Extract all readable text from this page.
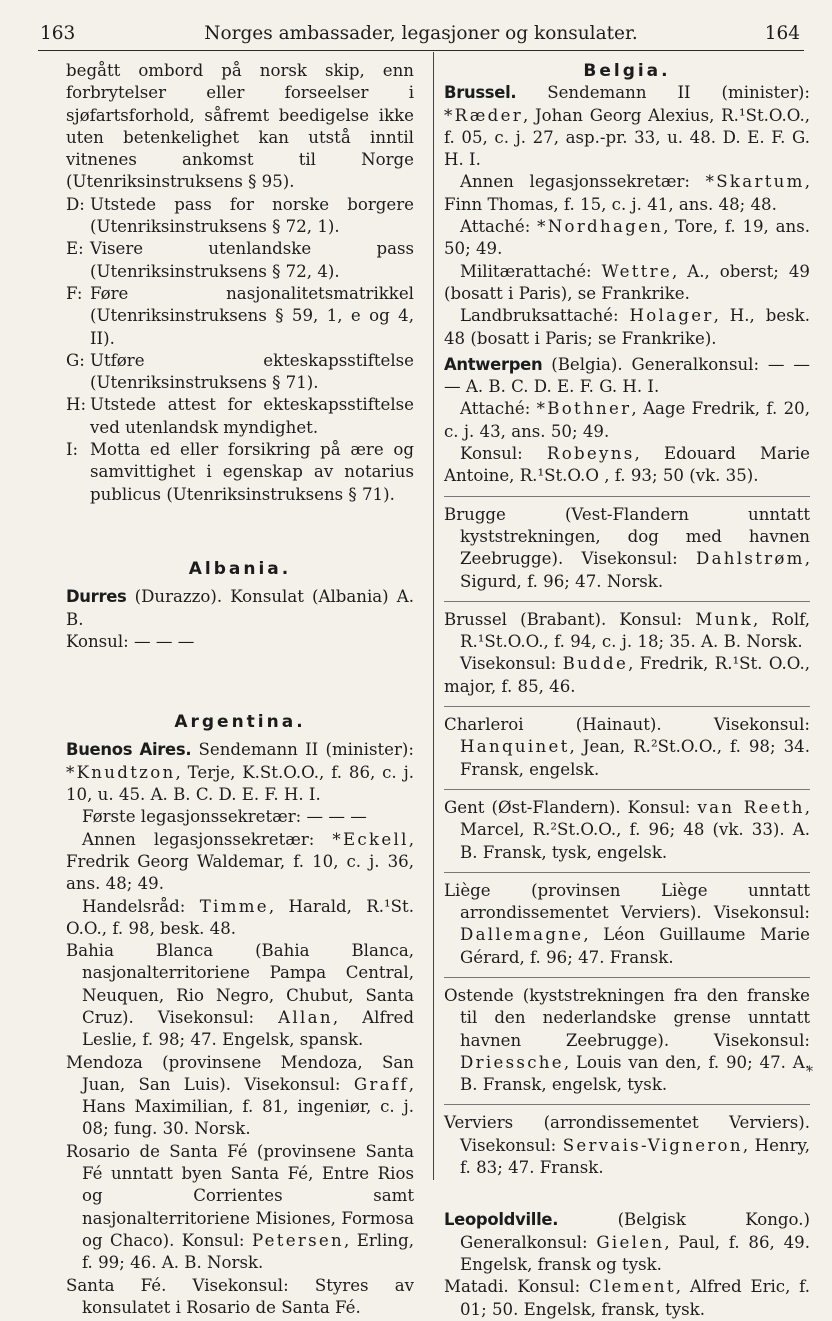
163	Norges ambassader, legasjoner og konsulater.	164

begått ombord på norsk skip, enn forbrytelser eller forseelser i sjøfartsforhold, såfremt beedigelse ikke uten betenkelighet kan utstå inntil vitnenes ankomst til Norge (Utenriksinstruksens § 95).

D: Utstede pass for norske borgere (Utenriksinstruksens § 72, 1).

E: Visere utenlandske pass (Utenriksinstruksens § 72, 4).

F: Føre nasjonalitetsmatrikkel (Utenriksinstruksens § 59, 1, e og 4, II).

G: Utføre ekteskapsstiftelse (Utenriksinstruksens § 71).

H: Utstede attest for ekteskapsstiftelse ved utenlandsk myndighet.

I: Motta ed eller forsikring på ære og samvittighet i egenskap av notarius publicus (Utenriksinstruksens § 71).

Albania.

Durres (Durazzo). Konsulat (Albania) A. B.
Konsul: — — —

Argentina.

Buenos Aires. Sendemann II (minister): *Knudtzon, Terje, K.St.O.O., f. 86, c. j. 10, u. 45. A. B. C. D. E. F. H. I.

Første legasjonssekretær: — — —

Annen legasjonssekretær: *Eckell, Fredrik Georg Waldemar, f. 10, c. j. 36, ans. 48; 49.

Handelsråd: Timme, Harald, R.¹St. O.O., f. 98, besk. 48.

Bahia Blanca (Bahia Blanca, nasjonalterritoriene Pampa Central, Neuquen, Rio Negro, Chubut, Santa Cruz). Visekonsul: Allan, Alfred Leslie, f. 98; 47. Engelsk, spansk.

Mendoza (provinsene Mendoza, San Juan, San Luis). Visekonsul: Graff, Hans Maximilian, f. 81, ingeniør, c. j. 08; fung. 30. Norsk.

Rosario de Santa Fé (provinsene Santa Fé unntatt byen Santa Fé, Entre Rios og Corrientes samt nasjonalterritoriene Misiones, Formosa og Chaco). Konsul: Petersen, Erling, f. 99; 46. A. B. Norsk.

Santa Fé. Visekonsul: Styres av konsulatet i Rosario de Santa Fé.

Belgia.

Brussel. Sendemann II (minister): *Ræder, Johan Georg Alexius, R.¹St.O.O., f. 05, c. j. 27, asp.-pr. 33, u. 48. D. E. F. G. H. I.

Annen legasjonssekretær: *Skartum, Finn Thomas, f. 15, c. j. 41, ans. 48; 48.

Attaché: *Nordhagen, Tore, f. 19, ans. 50; 49.

Militærattaché: Wettre, A., oberst; 49 (bosatt i Paris), se Frankrike.

Landbruksattaché: Holager, H., besk. 48 (bosatt i Paris; se Frankrike).

Antwerpen (Belgia). Generalkonsul: — — — A. B. C. D. E. F. G. H. I.

Attaché: *Bothner, Aage Fredrik, f. 20, c. j. 43, ans. 50; 49.

Konsul: Robeyns, Edouard Marie Antoine, R.¹St.O.O , f. 93; 50 (vk. 35).

Brugge (Vest-Flandern unntatt kyststrekningen, dog med havnen Zeebrugge). Visekonsul: Dahlstrøm, Sigurd, f. 96; 47. Norsk.

Brussel (Brabant). Konsul: Munk, Rolf, R.¹St.O.O., f. 94, c. j. 18; 35. A. B. Norsk.

Visekonsul: Budde, Fredrik, R.¹St. O.O., major, f. 85, 46.

Charleroi (Hainaut). Visekonsul: Hanquinet, Jean, R.²St.O.O., f. 98; 34. Fransk, engelsk.

Gent (Øst-Flandern). Konsul: van Reeth, Marcel, R.²St.O.O., f. 96; 48 (vk. 33). A. B. Fransk, tysk, engelsk.

Liège (provinsen Liège unntatt arrondissementet Verviers). Visekonsul: Dallemagne, Léon Guillaume Marie Gérard, f. 96; 47. Fransk.

Ostende (kyststrekningen fra den franske til den nederlandske grense unntatt havnen Zeebrugge). Visekonsul: Driessche, Louis van den, f. 90; 47. A. B. Fransk, engelsk, tysk.

Verviers (arrondissementet Verviers). Visekonsul: Servais-Vigneron, Henry, f. 83; 47. Fransk.

Leopoldville. (Belgisk Kongo.) Generalkonsul: Gielen, Paul, f. 86, 49. Engelsk, fransk og tysk.

Matadi. Konsul: Clement, Alfred Eric, f. 01; 50. Engelsk, fransk, tysk.

*
